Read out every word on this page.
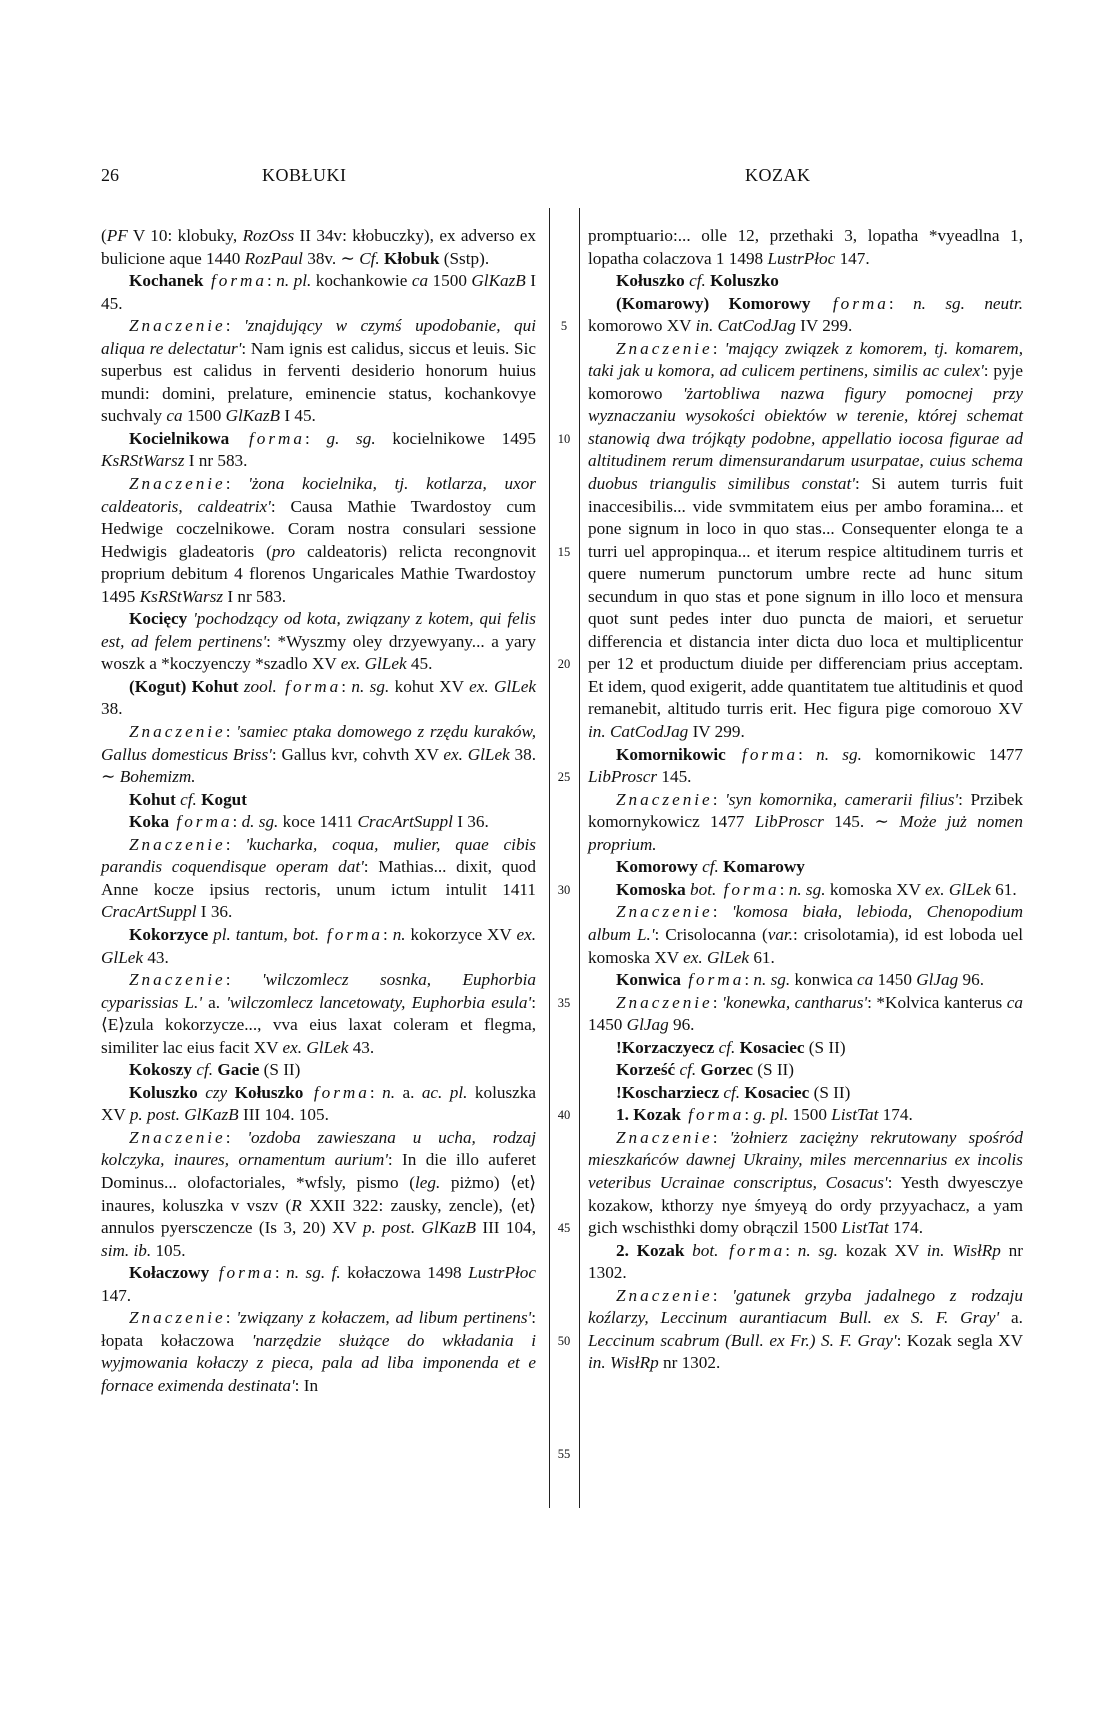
26	KOBŁUKI	KOZAK

(PF V 10: klobuky, RozOss II 34v: kłobuczky), ex adverso ex bulicione aque 1440 RozPaul 38v. ∼ Cf. Kłobuk (Sstp).

Kochanek forma: n. pl. kochankowie ca 1500 GlKazB I 45.

Znaczenie: 'znajdujący w czymś upodobanie, qui aliqua re delectatur': Nam ignis est calidus, siccus et leuis. Sic superbus est calidus in ferventi desiderio honorum huius mundi: domini, prelature, eminencie status, kochankovye suchvaly ca 1500 GlKazB I 45.

Kocielnikowa forma: g. sg. kocielnikowe 1495 KsRStWarsz I nr 583.

Znaczenie: 'żona kocielnika, tj. kotlarza, uxor caldeatoris, caldeatrix': Causa Mathie Twardostoy cum Hedwige coczelnikowe. Coram nostra consulari sessione Hedwigis gladeatoris (pro caldeatoris) relicta recongnovit proprium debitum 4 florenos Ungaricales Mathie Twardostoy 1495 KsRStWarsz I nr 583.

Kocięcy 'pochodzący od kota, związany z kotem, qui felis est, ad felem pertinens': *Wyszmy oley drzyewyany... a yary woszk a *koczyenczy *szadlo XV ex. GlLek 45.

(Kogut) Kohut zool. forma: n. sg. kohut XV ex. GlLek 38.

Znaczenie: 'samiec ptaka domowego z rzędu kuraków, Gallus domesticus Briss': Gallus kvr, cohvth XV ex. GlLek 38. ∼ Bohemizm.

Kohut cf. Kogut

Koka forma: d. sg. koce 1411 CracArtSuppl I 36.

Znaczenie: 'kucharka, coqua, mulier, quae cibis parandis coquendisque operam dat': Mathias... dixit, quod Anne kocze ipsius rectoris, unum ictum intulit 1411 CracArtSuppl I 36.

Kokorzyce pl. tantum, bot. forma: n. kokorzyce XV ex. GlLek 43.

Znaczenie: 'wilczomlecz sosnka, Euphorbia cyparissias L.' a. 'wilczomlecz lancetowaty, Euphorbia esula': ⟨E⟩zula kokorzycze..., vva eius laxat coleram et flegma, similiter lac eius facit XV ex. GlLek 43.

Kokoszy cf. Gacie (S II)

Koluszko czy Kołuszko forma: n. a. ac. pl. koluszka XV p. post. GlKazB III 104. 105.

Znaczenie: 'ozdoba zawieszana u ucha, rodzaj kolczyka, inaures, ornamentum aurium': In die illo auferet Dominus... olofactoriales, *wfsly, pismo (leg. piżmo) ⟨et⟩ inaures, koluszka v vszv (R XXII 322: zausky, zencle), ⟨et⟩ annulos pyersczencze (Is 3, 20) XV p. post. GlKazB III 104, sim. ib. 105.

Kołaczowy forma: n. sg. f. kołaczowa 1498 LustrPłoc 147.

Znaczenie: 'związany z kołaczem, ad libum pertinens': łopata kołaczowa 'narzędzie służące do wkładania i wyjmowania kołaczy z pieca, pala ad liba imponenda et e fornace eximenda destinata': In

5
10
15
20
25
30
35
40
45
50
55

promptuario:... olle 12, przethaki 3, lopatha *vyeadlna 1, lopatha colaczova 1 1498 LustrPłoc 147.

Kołuszko cf. Koluszko

(Komarowy) Komorowy forma: n. sg. neutr. komorowo XV in. CatCodJag IV 299.

Znaczenie: 'mający związek z komorem, tj. komarem, taki jak u komora, ad culicem pertinens, similis ac culex': pyje komorowo 'żartobliwa nazwa figury pomocnej przy wyznaczaniu wysokości obiektów w terenie, której schemat stanowią dwa trójkąty podobne, appellatio iocosa figurae ad altitudinem rerum dimensurandarum usurpatae, cuius schema duobus triangulis similibus constat': Si autem turris fuit inaccesibilis... vide svmmitatem eius per ambo foramina... et pone signum in loco in quo stas... Consequenter elonga te a turri uel appropinqua... et iterum respice altitudinem turris et quere numerum punctorum umbre recte ad hunc situm secundum in quo stas et pone signum in illo loco et mensura quot sunt pedes inter duo puncta de maiori, et seruetur differencia et distancia inter dicta duo loca et multiplicentur per 12 et productum diuide per differenciam prius acceptam. Et idem, quod exigerit, adde quantitatem tue altitudinis et quod remanebit, altitudo turris erit. Hec figura pige comorouo XV in. CatCodJag IV 299.

Komornikowic forma: n. sg. komornikowic 1477 LibProscr 145.

Znaczenie: 'syn komornika, camerarii filius': Przibek komornykowicz 1477 LibProscr 145. ∼ Może już nomen proprium.

Komorowy cf. Komarowy

Komoska bot. forma: n. sg. komoska XV ex. GlLek 61.

Znaczenie: 'komosa biała, lebioda, Chenopodium album L.': Crisolocanna (var.: crisolotamia), id est loboda uel komoska XV ex. GlLek 61.

Konwica forma: n. sg. konwica ca 1450 GlJag 96.

Znaczenie: 'konewka, cantharus': *Kolvica kanterus ca 1450 GlJag 96.

!Korzaczyecz cf. Kosaciec (S II)

Korześć cf. Gorzec (S II)

!Koscharziecz cf. Kosaciec (S II)

1. Kozak forma: g. pl. 1500 ListTat 174.

Znaczenie: 'żołnierz zaciężny rekrutowany spośród mieszkańców dawnej Ukrainy, miles mercennarius ex incolis veteribus Ucrainae conscriptus, Cosacus': Yesth dwyesczye kozakow, kthorzy nye śmyeyą do ordy przyyachacz, a yam gich wschisthki domy obrączil 1500 ListTat 174.

2. Kozak bot. forma: n. sg. kozak XV in. WisłRp nr 1302.

Znaczenie: 'gatunek grzyba jadalnego z rodzaju koźlarzy, Leccinum aurantiacum Bull. ex S. F. Gray' a. Leccinum scabrum (Bull. ex Fr.) S. F. Gray': Kozak segla XV in. WisłRp nr 1302.
